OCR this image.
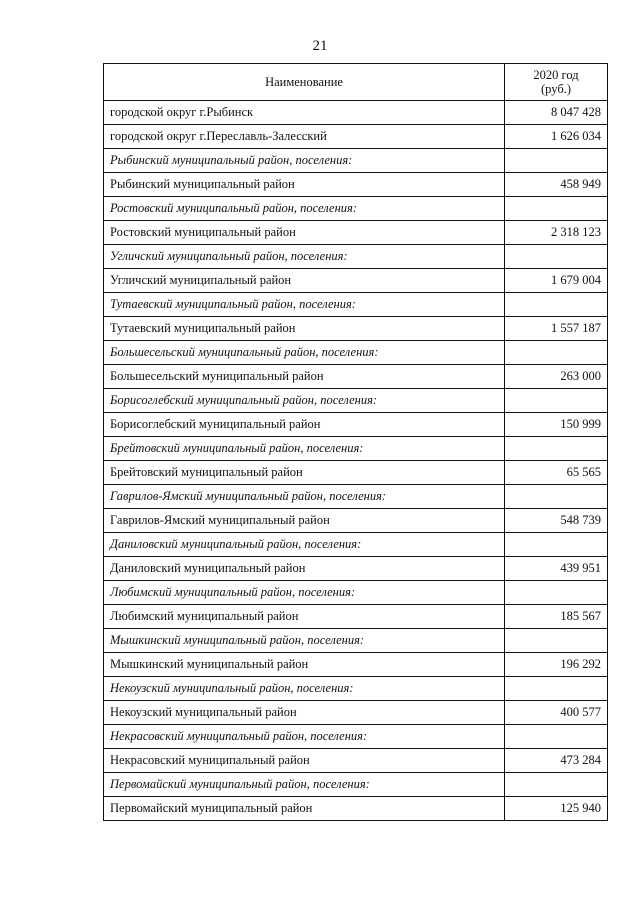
21
Наименование	2020 год
(руб.)
городской округ г.Рыбинск	8 047 428
городской округ г.Переславль-Залесский	1 626 034
Рыбинский муниципальный район, поселения:	
Рыбинский муниципальный район	458 949
Ростовский муниципальный район, поселения:	
Ростовский муниципальный район	2 318 123
Угличский муниципальный район, поселения:	
Угличский муниципальный район	1 679 004
Тутаевский муниципальный район, поселения:	
Тутаевский муниципальный район	1 557 187
Большесельский муниципальный район, поселения:	
Большесельский муниципальный район	263 000
Борисоглебский муниципальный район, поселения:	
Борисоглебский муниципальный район	150 999
Брейтовский муниципальный район, поселения:	
Брейтовский муниципальный район	65 565
Гаврилов-Ямский муниципальный район, поселения:	
Гаврилов-Ямский муниципальный район	548 739
Даниловский муниципальный район, поселения:	
Даниловский муниципальный район	439 951
Любимский муниципальный район, поселения:	
Любимский муниципальный район	185 567
Мышкинский муниципальный район, поселения:	
Мышкинский муниципальный район	196 292
Некоузский муниципальный район, поселения:	
Некоузский муниципальный район	400 577
Некрасовский муниципальный район, поселения:	
Некрасовский муниципальный район	473 284
Первомайский муниципальный район, поселения:	
Первомайский муниципальный район	125 940
